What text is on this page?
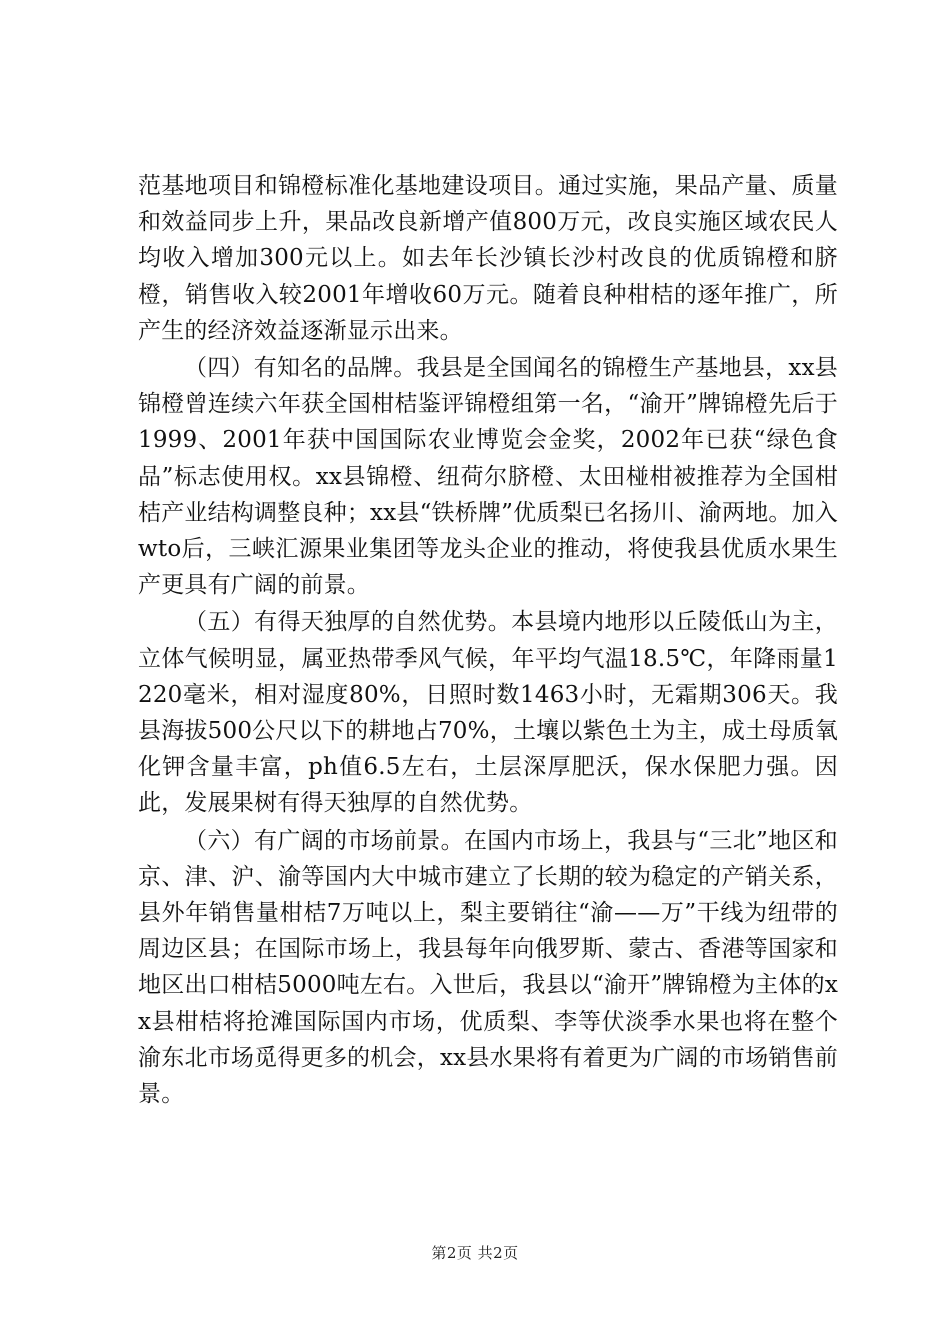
范基地项目和锦橙标准化基地建设项目。通过实施，果品产量、质量和效益同步上升，果品改良新增产值800万元，改良实施区域农民人均收入增加300元以上。如去年长沙镇长沙村改良的优质锦橙和脐橙，销售收入较2001年增收60万元。随着良种柑桔的逐年推广，所产生的经济效益逐渐显示出来。

（四）有知名的品牌。我县是全国闻名的锦橙生产基地县，xx县锦橙曾连续六年获全国柑桔鉴评锦橙组第一名，“渝开”牌锦橙先后于1999、2001年获中国国际农业博览会金奖，2002年已获“绿色食品”标志使用权。xx县锦橙、纽荷尔脐橙、太田椪柑被推荐为全国柑桔产业结构调整良种；xx县“铁桥牌”优质梨已名扬川、渝两地。加入wto后，三峡汇源果业集团等龙头企业的推动，将使我县优质水果生产更具有广阔的前景。

（五）有得天独厚的自然优势。本县境内地形以丘陵低山为主，立体气候明显，属亚热带季风气候，年平均气温18.5℃，年降雨量1220毫米，相对湿度80%，日照时数1463小时，无霜期306天。我县海拔500公尺以下的耕地占70%，土壤以紫色土为主，成土母质氧化钾含量丰富，ph值6.5左右，土层深厚肥沃，保水保肥力强。因此，发展果树有得天独厚的自然优势。

（六）有广阔的市场前景。在国内市场上，我县与“三北”地区和京、津、沪、渝等国内大中城市建立了长期的较为稳定的产销关系，县外年销售量柑桔7万吨以上，梨主要销往“渝——万”干线为纽带的周边区县；在国际市场上，我县每年向俄罗斯、蒙古、香港等国家和地区出口柑桔5000吨左右。入世后，我县以“渝开”牌锦橙为主体的xx县柑桔将抢滩国际国内市场，优质梨、李等伏淡季水果也将在整个渝东北市场觅得更多的机会，xx县水果将有着更为广阔的市场销售前景。

第2页 共2页
